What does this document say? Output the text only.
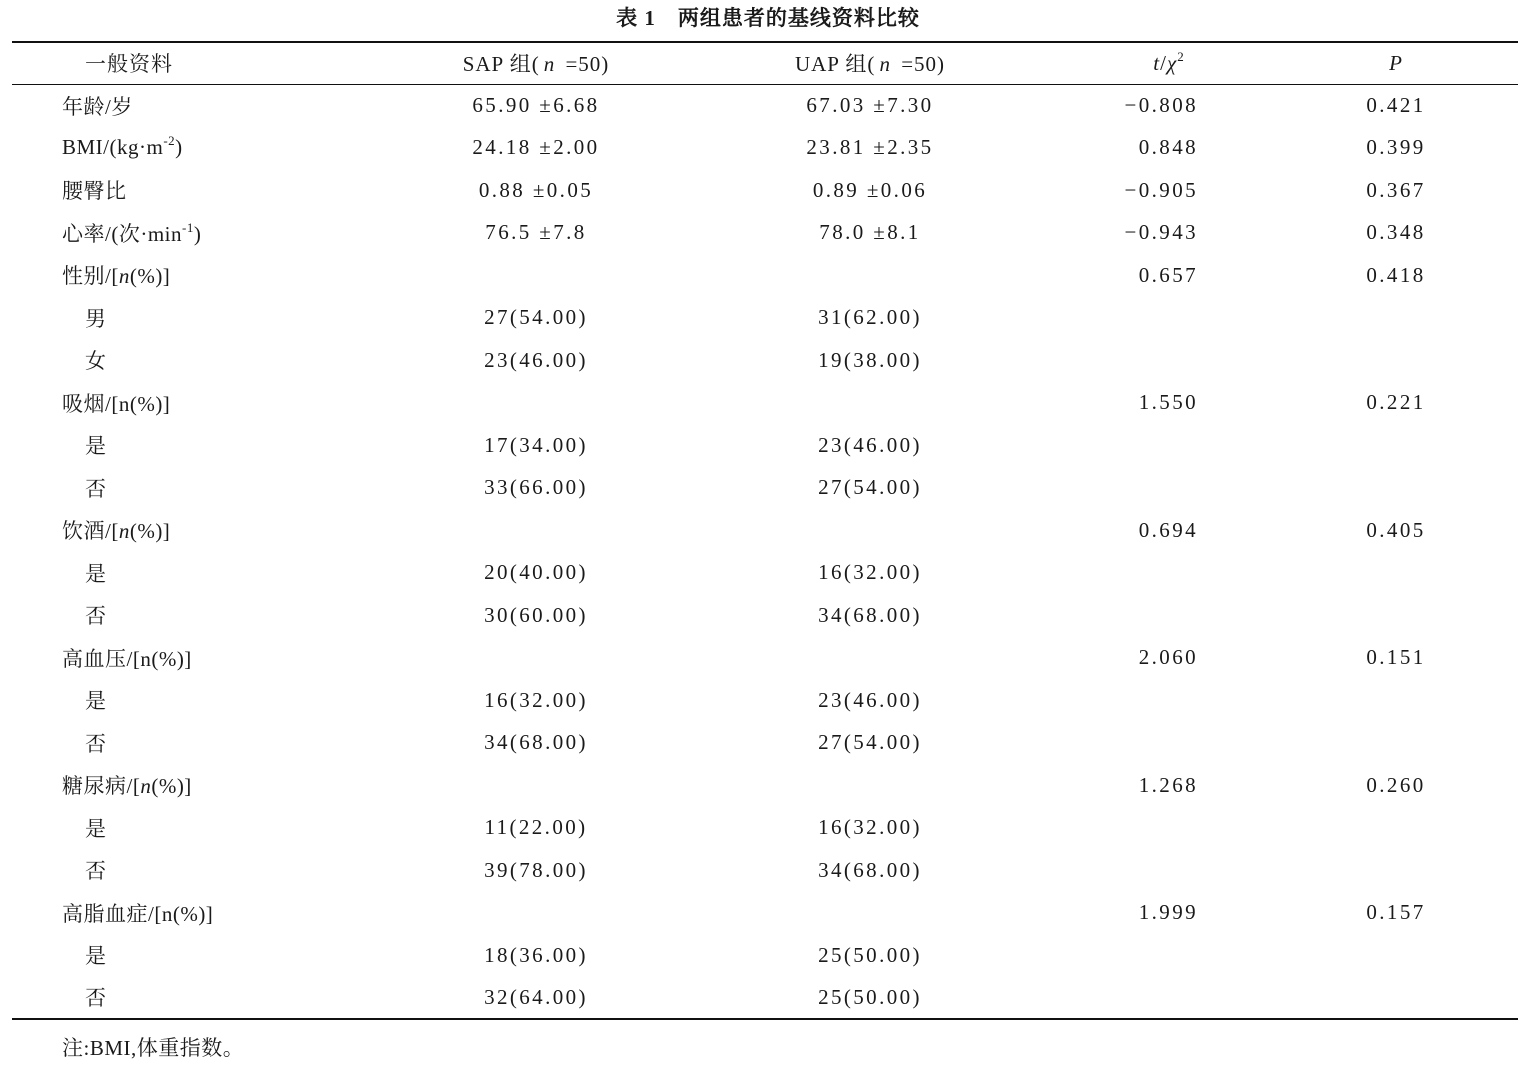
表 1　两组患者的基线资料比较
一般资料	SAP 组( n =50)	UAP 组( n =50)	$t/\chi^2$	P
年龄/岁	65.90 ±6.68	67.03 ±7.30	−0.808	0.421
BMI/$(kg\cdot m^{-2})$	24.18 ±2.00	23.81 ±2.35	0.848	0.399
腰臀比	0.88 ±0.05	0.89 ±0.06	−0.905	0.367
心率/(次$\cdot\min^{-1}$)	76.5 ±7.8	78.0 ±8.1	−0.943	0.348
性别/[n(%)]			0.657	0.418
男	27(54.00)	31(62.00)		
女	23(46.00)	19(38.00)		
吸烟/[n(%)]			1.550	0.221
是	17(34.00)	23(46.00)		
否	33(66.00)	27(54.00)		
饮酒/[n(%)]			0.694	0.405
是	20(40.00)	16(32.00)		
否	30(60.00)	34(68.00)		
高血压/[n(%)]			2.060	0.151
是	16(32.00)	23(46.00)		
否	34(68.00)	27(54.00)		
糖尿病/[n(%)]			1.268	0.260
是	11(22.00)	16(32.00)		
否	39(78.00)	34(68.00)		
高脂血症/[n(%)]			1.999	0.157
是	18(36.00)	25(50.00)		
否	32(64.00)	25(50.00)		
注:BMI,体重指数。
